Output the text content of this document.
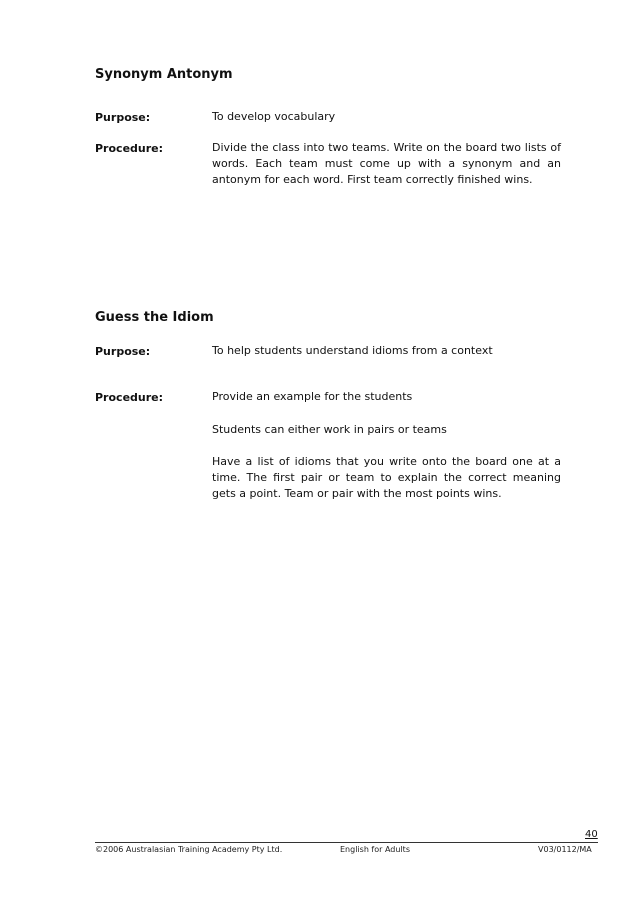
Synonym Antonym
Purpose:	To develop vocabulary

Procedure:	Divide the class into two teams. Write on the board two lists of words. Each team must come up with a synonym and an antonym for each word. First team correctly finished wins.

Guess the Idiom
Purpose:	To help students understand idioms from a context

Procedure:	Provide an example for the students

Students can either work in pairs or teams

Have a list of idioms that you write onto the board one at a time. The first pair or team to explain the correct meaning gets a point. Team or pair with the most points wins.

40
©2006 Australasian Training Academy Pty Ltd.	English for Adults	V03/0112/MA
